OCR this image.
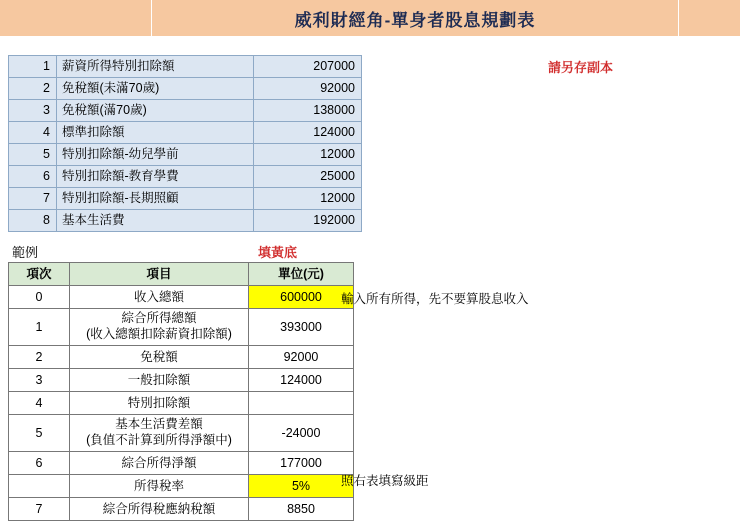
威利財經角-單身者股息規劃表
1	薪資所得特別扣除額	207000
2	免稅額(未滿70歲)	92000
3	免稅額(滿70歲)	138000
4	標準扣除額	124000
5	特別扣除額-幼兒學前	12000
6	特別扣除額-教育學費	25000
7	特別扣除額-長期照顧	12000
8	基本生活費	192000
請另存副本
範例	填黃底
項次	項目	單位(元)
0	收入總額	600000
1	綜合所得總額
(收入總額扣除薪資扣除額)	393000
2	免稅額	92000
3	一般扣除額	124000
4	特別扣除額	
5	基本生活費差額
(負值不計算到所得淨額中)	-24000
6	綜合所得淨額	177000
	所得稅率	5%
7	綜合所得稅應納稅額	8850
輸入所有所得，先不要算股息收入
照右表填寫級距
